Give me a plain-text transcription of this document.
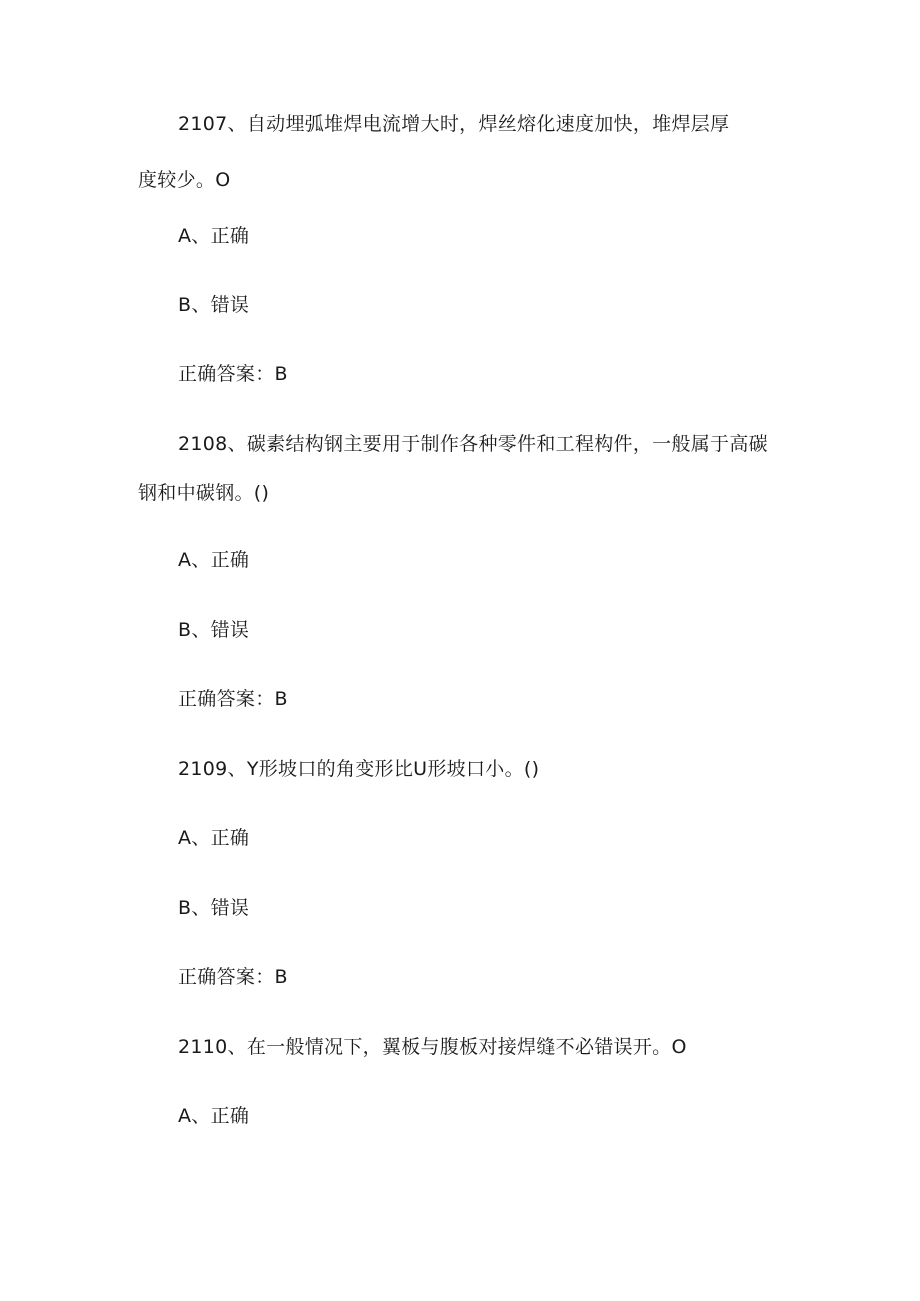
2107、自动埋弧堆焊电流增大时，焊丝熔化速度加快，堆焊层厚
度较少。O
A、正确
B、错误
正确答案：B
2108、碳素结构钢主要用于制作各种零件和工程构件，一般属于高碳
钢和中碳钢。()
A、正确
B、错误
正确答案：B
2109、Y形坡口的角变形比U形坡口小。()
A、正确
B、错误
正确答案：B
2110、在一般情况下，翼板与腹板对接焊缝不必错误开。O
A、正确
